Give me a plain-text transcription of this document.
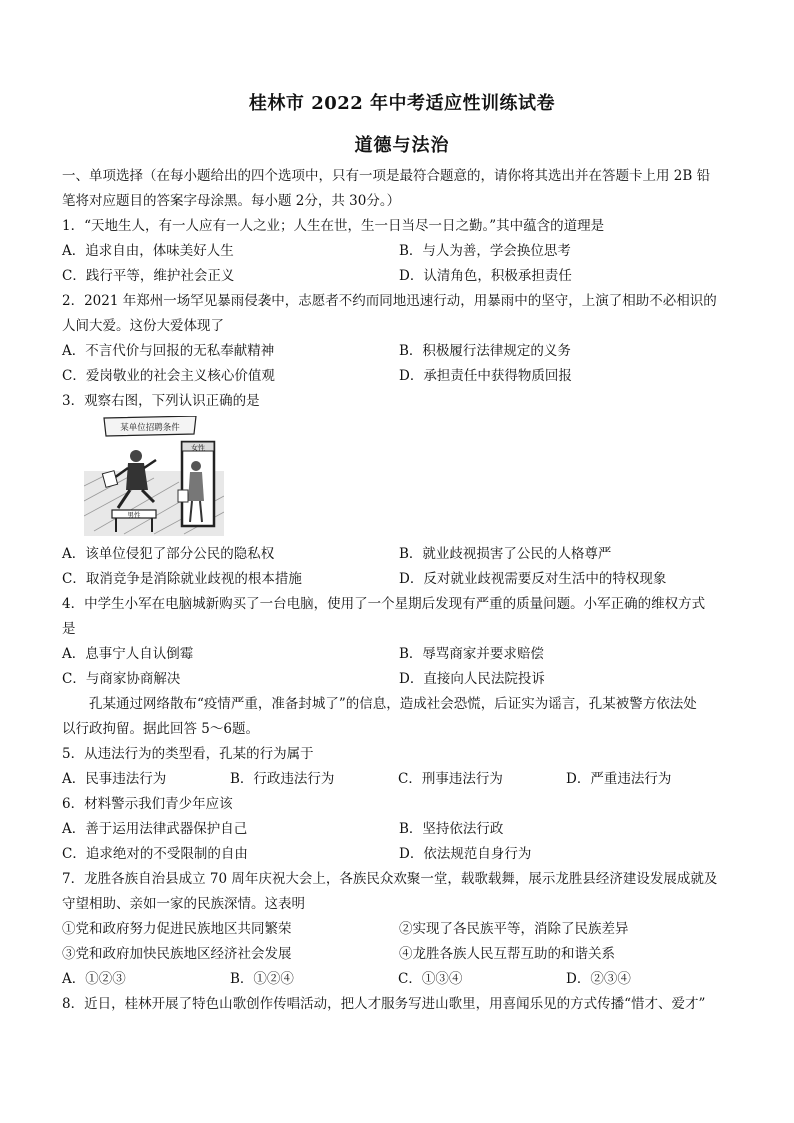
桂林市 2022 年中考适应性训练试卷
道德与法治

一、单项选择（在每小题给出的四个选项中，只有一项是最符合题意的，请你将其选出并在答题卡上用 2B 铅

笔将对应题目的答案字母涂黑。每小题 2分，共 30分。）

1．“天地生人，有一人应有一人之业；人生在世，生一日当尽一日之勤。”其中蕴含的道理是

A．追求自由，体味美好人生	B．与人为善，学会换位思考
C．践行平等，维护社会正义	D．认清角色，积极承担责任

2．2021 年郑州一场罕见暴雨侵袭中，志愿者不约而同地迅速行动，用暴雨中的坚守，上演了相助不必相识的

人间大爱。这份大爱体现了

A．不言代价与回报的无私奉献精神	B．积极履行法律规定的义务
C．爱岗敬业的社会主义核心价值观	D．承担责任中获得物质回报

3．观察右图，下列认识正确的是

某单位招聘条件
女性
男性
A．该单位侵犯了部分公民的隐私权	B．就业歧视损害了公民的人格尊严
C．取消竞争是消除就业歧视的根本措施	D．反对就业歧视需要反对生活中的特权现象

4．中学生小军在电脑城新购买了一台电脑，使用了一个星期后发现有严重的质量问题。小军正确的维权方式

是

A．息事宁人自认倒霉	B．辱骂商家并要求赔偿
C．与商家协商解决	D．直接向人民法院投诉

孔某通过网络散布“疫情严重，准备封城了”的信息，造成社会恐慌，后证实为谣言，孔某被警方依法处

以行政拘留。据此回答 5～6题。

5．从违法行为的类型看，孔某的行为属于

A．民事违法行为	B．行政违法行为	C．刑事违法行为	D．严重违法行为

6．材料警示我们青少年应该

A．善于运用法律武器保护自己	B．坚持依法行政
C．追求绝对的不受限制的自由	D．依法规范自身行为

7．龙胜各族自治县成立 70 周年庆祝大会上，各族民众欢聚一堂，载歌载舞，展示龙胜县经济建设发展成就及

守望相助、亲如一家的民族深情。这表明

①党和政府努力促进民族地区共同繁荣	②实现了各民族平等，消除了民族差异
③党和政府加快民族地区经济社会发展	④龙胜各族人民互帮互助的和谐关系
A．①②③	B．①②④	C．①③④	D．②③④

8．近日，桂林开展了特色山歌创作传唱活动，把人才服务写进山歌里，用喜闻乐见的方式传播“惜才、爱才”
